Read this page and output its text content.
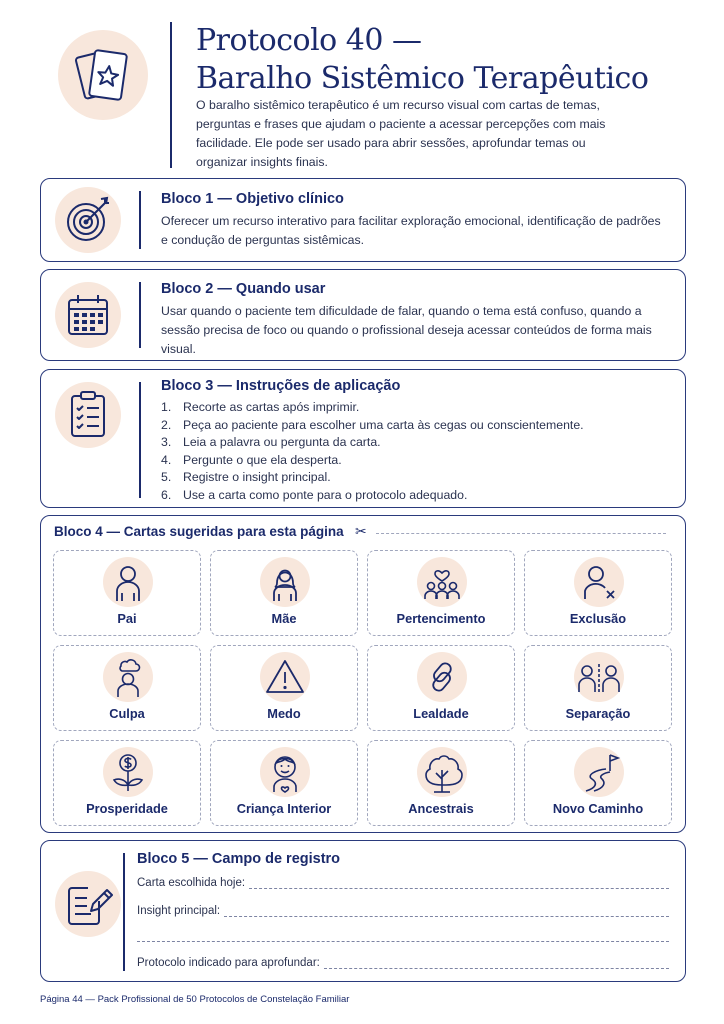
Protocolo 40 —
Baralho Sistêmico Terapêutico
O baralho sistêmico terapêutico é um recurso visual com cartas de temas, perguntas e frases que ajudam o paciente a acessar percepções com mais facilidade. Ele pode ser usado para abrir sessões, aprofundar temas ou organizar insights finais.
Bloco 1 — Objetivo clínico
Oferecer um recurso interativo para facilitar exploração emocional, identificação de padrões e condução de perguntas sistêmicas.
Bloco 2 — Quando usar
Usar quando o paciente tem dificuldade de falar, quando o tema está confuso, quando a sessão precisa de foco ou quando o profissional deseja acessar conteúdos de forma mais visual.
Bloco 3 — Instruções de aplicação
1. Recorte as cartas após imprimir.
2. Peça ao paciente para escolher uma carta às cegas ou conscientemente.
3. Leia a palavra ou pergunta da carta.
4. Pergunte o que ela desperta.
5. Registre o insight principal.
6. Use a carta como ponte para o protocolo adequado.
Bloco 4 — Cartas sugeridas para esta página ✂
Pai	Mãe	Pertencimento	Exclusão
Culpa	Medo	Lealdade	Separação
Prosperidade	Criança Interior	Ancestrais	Novo Caminho
Bloco 5 — Campo de registro
Carta escolhida hoje:
Insight principal:
Protocolo indicado para aprofundar:
Página 44 — Pack Profissional de 50 Protocolos de Constelação Familiar
